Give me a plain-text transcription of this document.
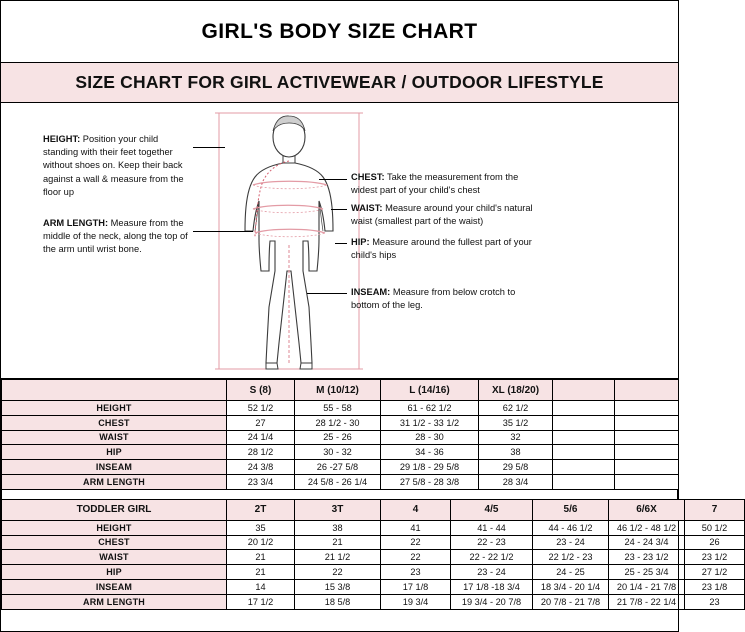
GIRL'S BODY SIZE CHART
SIZE CHART FOR GIRL ACTIVEWEAR / OUTDOOR LIFESTYLE
HEIGHT: Position your child standing with their feet together without shoes on. Keep their back against a wall & measure from the floor up
ARM LENGTH: Measure from the middle of the neck, along the top of the arm until wrist bone.
CHEST: Take the measurement from the widest part of your child's chest
WAIST: Measure around your child's natural waist (smallest part of the waist)
HIP: Measure around the fullest part of your child's hips
INSEAM: Measure from below crotch to bottom of the leg.
	S (8)	M (10/12)	L (14/16)	XL (18/20)		
HEIGHT	52 1/2	55 - 58	61 - 62 1/2	62 1/2		
CHEST	27	28 1/2 - 30	31 1/2 - 33 1/2	35 1/2		
WAIST	24 1/4	25 - 26	28 - 30	32		
HIP	28 1/2	30 - 32	34 - 36	38		
INSEAM	24 3/8	26 -27 5/8	29 1/8 - 29 5/8	29 5/8		
ARM LENGTH	23 3/4	24 5/8 - 26 1/4	27 5/8 - 28 3/8	28 3/4		
TODDLER GIRL	2T	3T	4	4/5	5/6	6/6X	7
HEIGHT	35	38	41	41 - 44	44 - 46 1/2	46 1/2 - 48 1/2	50 1/2
CHEST	20 1/2	21	22	22 - 23	23 - 24	24 - 24 3/4	26
WAIST	21	21 1/2	22	22 - 22 1/2	22 1/2 - 23	23 - 23 1/2	23 1/2
HIP	21	22	23	23 - 24	24 - 25	25 - 25 3/4	27 1/2
INSEAM	14	15 3/8	17 1/8	17 1/8 -18 3/4	18 3/4 - 20 1/4	20 1/4 - 21 7/8	23 1/8
ARM LENGTH	17 1/2	18 5/8	19 3/4	19 3/4 - 20 7/8	20 7/8 - 21 7/8	21 7/8 - 22 1/4	23
